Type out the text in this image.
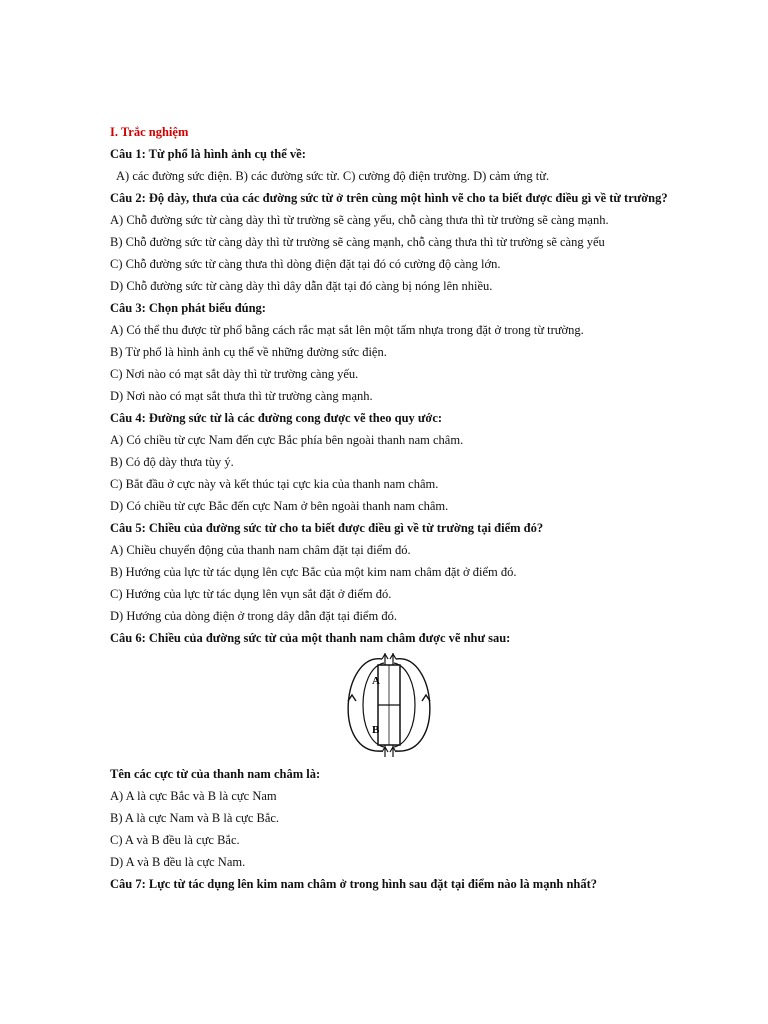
I. Trắc nghiệm
Câu 1: Từ phổ là hình ảnh cụ thể về:
A) các đường sức điện. B) các đường sức từ. C) cường độ điện trường. D) cảm ứng từ.
Câu 2: Độ dày, thưa của các đường sức từ ở trên cùng một hình vẽ cho ta biết được điều gì về từ trường?
A) Chỗ đường sức từ càng dày thì từ trường sẽ càng yếu, chỗ càng thưa thì từ trường sẽ càng mạnh.
B) Chỗ đường sức từ càng dày thì từ trường sẽ càng mạnh, chỗ càng thưa thì từ trường sẽ càng yếu
C) Chỗ đường sức từ càng thưa thì dòng điện đặt tại đó có cường độ càng lớn.
D) Chỗ đường sức từ càng dày thì dây dẫn đặt tại đó càng bị nóng lên nhiều.
Câu 3: Chọn phát biểu đúng:
A) Có thể thu được từ phổ bằng cách rắc mạt sắt lên một tấm nhựa trong đặt ở trong từ trường.
B) Từ phổ là hình ảnh cụ thể về những đường sức điện.
C) Nơi nào có mạt sắt dày thì từ trường càng yếu.
D) Nơi nào có mạt sắt thưa thì từ trường càng mạnh.
Câu 4: Đường sức từ là các đường cong được vẽ theo quy ước:
A) Có chiều từ cực Nam đến cực Bắc phía bên ngoài thanh nam châm.
B) Có độ dày thưa tùy ý.
C) Bắt đầu ở cực này và kết thúc tại cực kia của thanh nam châm.
D) Có chiều từ cực Bắc đến cực Nam ở bên ngoài thanh nam châm.
Câu 5: Chiều của đường sức từ cho ta biết được điều gì về từ trường tại điểm đó?
A) Chiều chuyển động của thanh nam châm đặt tại điểm đó.
B) Hướng của lực từ tác dụng lên cực Bắc của một kim nam châm đặt ở điểm đó.
C) Hướng của lực từ tác dụng lên vụn sắt đặt ở điểm đó.
D) Hướng của dòng điện ở trong dây dẫn đặt tại điểm đó.
Câu 6: Chiều của đường sức từ của một thanh nam châm được vẽ như sau:
A
B
Tên các cực từ của thanh nam châm là:
A) A là cực Bắc và B là cực Nam
B) A là cực Nam và B là cực Bắc.
C) A và B đều là cực Bắc.
D) A và B đều là cực Nam.
Câu 7: Lực từ tác dụng lên kim nam châm ở trong hình sau đặt tại điểm nào là mạnh nhất?
